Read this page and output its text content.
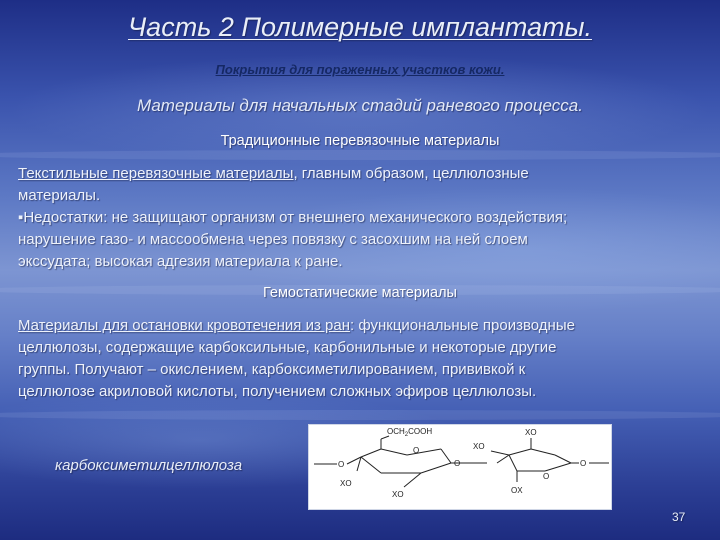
Часть 2 Полимерные имплантаты.
Покрытия для пораженных участков кожи.
Материалы для начальных стадий раневого процесса.
Традиционные перевязочные материалы

Текстильные перевязочные материалы, главным образом, целлюлозные

материалы.

▪Недостатки: не защищают организм от внешнего механического воздействия;

нарушение газо- и массообмена через повязку с засохшим на ней слоем

экссудата; высокая адгезия материала к ране.

Гемостатические материалы

Материалы для остановки кровотечения из ран: функциональные производные

целлюлозы, содержащие карбоксильные, карбонильные и некоторые другие

группы. Получают – окислением, карбоксиметилированием, прививкой к

целлюлозе акриловой кислоты, получением сложных эфиров целлюлозы.

карбоксиметилцеллюлоза
$OCH_2COOH$	XO
XO
XO
XO	OX
O
O
O
O
O
37
